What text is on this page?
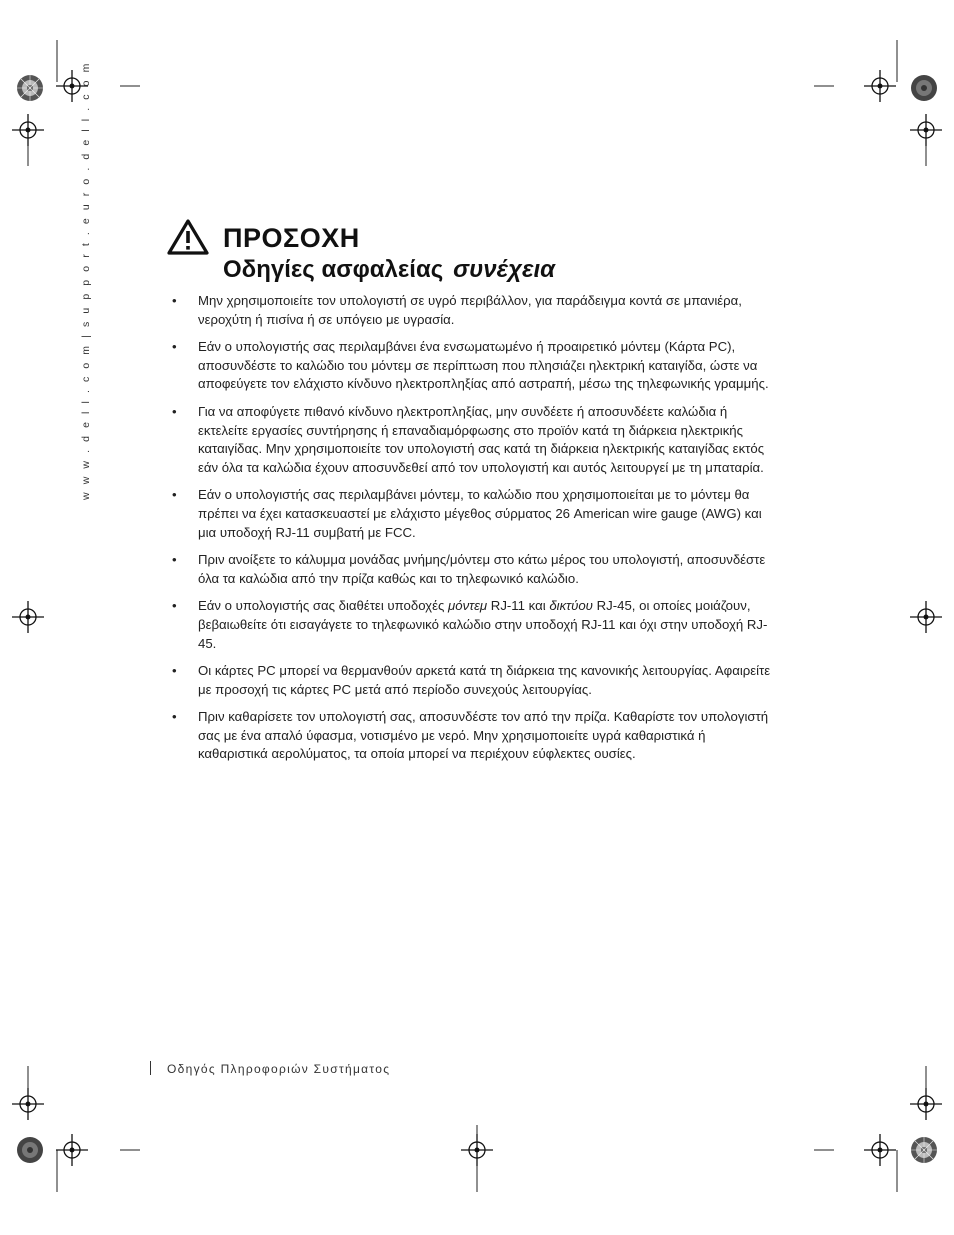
w w w . d e l l . c o m | s u p p o r t . e u r o . d e l l . c o m	ΠΡΟΣΟΧΗ
Οδηγίες ασφαλείας συνέχεια
• Μην χρησιμοποιείτε τον υπολογιστή σε υγρό περιβάλλον, για παράδειγμα κοντά σε μπανιέρα, νεροχύτη ή πισίνα ή σε υπόγειο με υγρασία.
• Εάν ο υπολογιστής σας περιλαμβάνει ένα ενσωματωμένο ή προαιρετικό μόντεμ (Κάρτα PC), αποσυνδέστε το καλώδιο του μόντεμ σε περίπτωση που πλησιάζει ηλεκτρική καταιγίδα, ώστε να αποφεύγετε τον ελάχιστο κίνδυνο ηλεκτροπληξίας από αστραπή, μέσω της τηλεφωνικής γραμμής.
• Για να αποφύγετε πιθανό κίνδυνο ηλεκτροπληξίας, μην συνδέετε ή αποσυνδέετε καλώδια ή εκτελείτε εργασίες συντήρησης ή επαναδιαμόρφωσης στο προϊόν κατά τη διάρκεια ηλεκτρικής καταιγίδας. Μην χρησιμοποιείτε τον υπολογιστή σας κατά τη διάρκεια ηλεκτρικής καταιγίδας εκτός εάν όλα τα καλώδια έχουν αποσυνδεθεί από τον υπολογιστή και αυτός λειτουργεί με τη μπαταρία.
• Εάν ο υπολογιστής σας περιλαμβάνει μόντεμ, το καλώδιο που χρησιμοποιείται με το μόντεμ θα πρέπει να έχει κατασκευαστεί με ελάχιστο μέγεθος σύρματος 26 American wire gauge (AWG) και μια υποδοχή RJ-11 συμβατή με FCC.
• Πριν ανοίξετε το κάλυμμα μονάδας μνήμης/μόντεμ στο κάτω μέρος του υπολογιστή, αποσυνδέστε όλα τα καλώδια από την πρίζα καθώς και το τηλεφωνικό καλώδιο.
• Εάν ο υπολογιστής σας διαθέτει υποδοχές μόντεμ RJ-11 και δικτύου RJ-45, οι οποίες μοιάζουν, βεβαιωθείτε ότι εισαγάγετε το τηλεφωνικό καλώδιο στην υποδοχή RJ-11 και όχι στην υποδοχή RJ-45.
• Οι κάρτες PC μπορεί να θερμανθούν αρκετά κατά τη διάρκεια της κανονικής λειτουργίας. Αφαιρείτε με προσοχή τις κάρτες PC μετά από περίοδο συνεχούς λειτουργίας.
• Πριν καθαρίσετε τον υπολογιστή σας, αποσυνδέστε τον από την πρίζα. Καθαρίστε τον υπολογιστή σας με ένα απαλό ύφασμα, νοτισμένο με νερό. Μην χρησιμοποιείτε υγρά καθαριστικά ή καθαριστικά αερολύματος, τα οποία μπορεί να περιέχουν εύφλεκτες ουσίες.
Οδηγός Πληροφοριών Συστήματος
